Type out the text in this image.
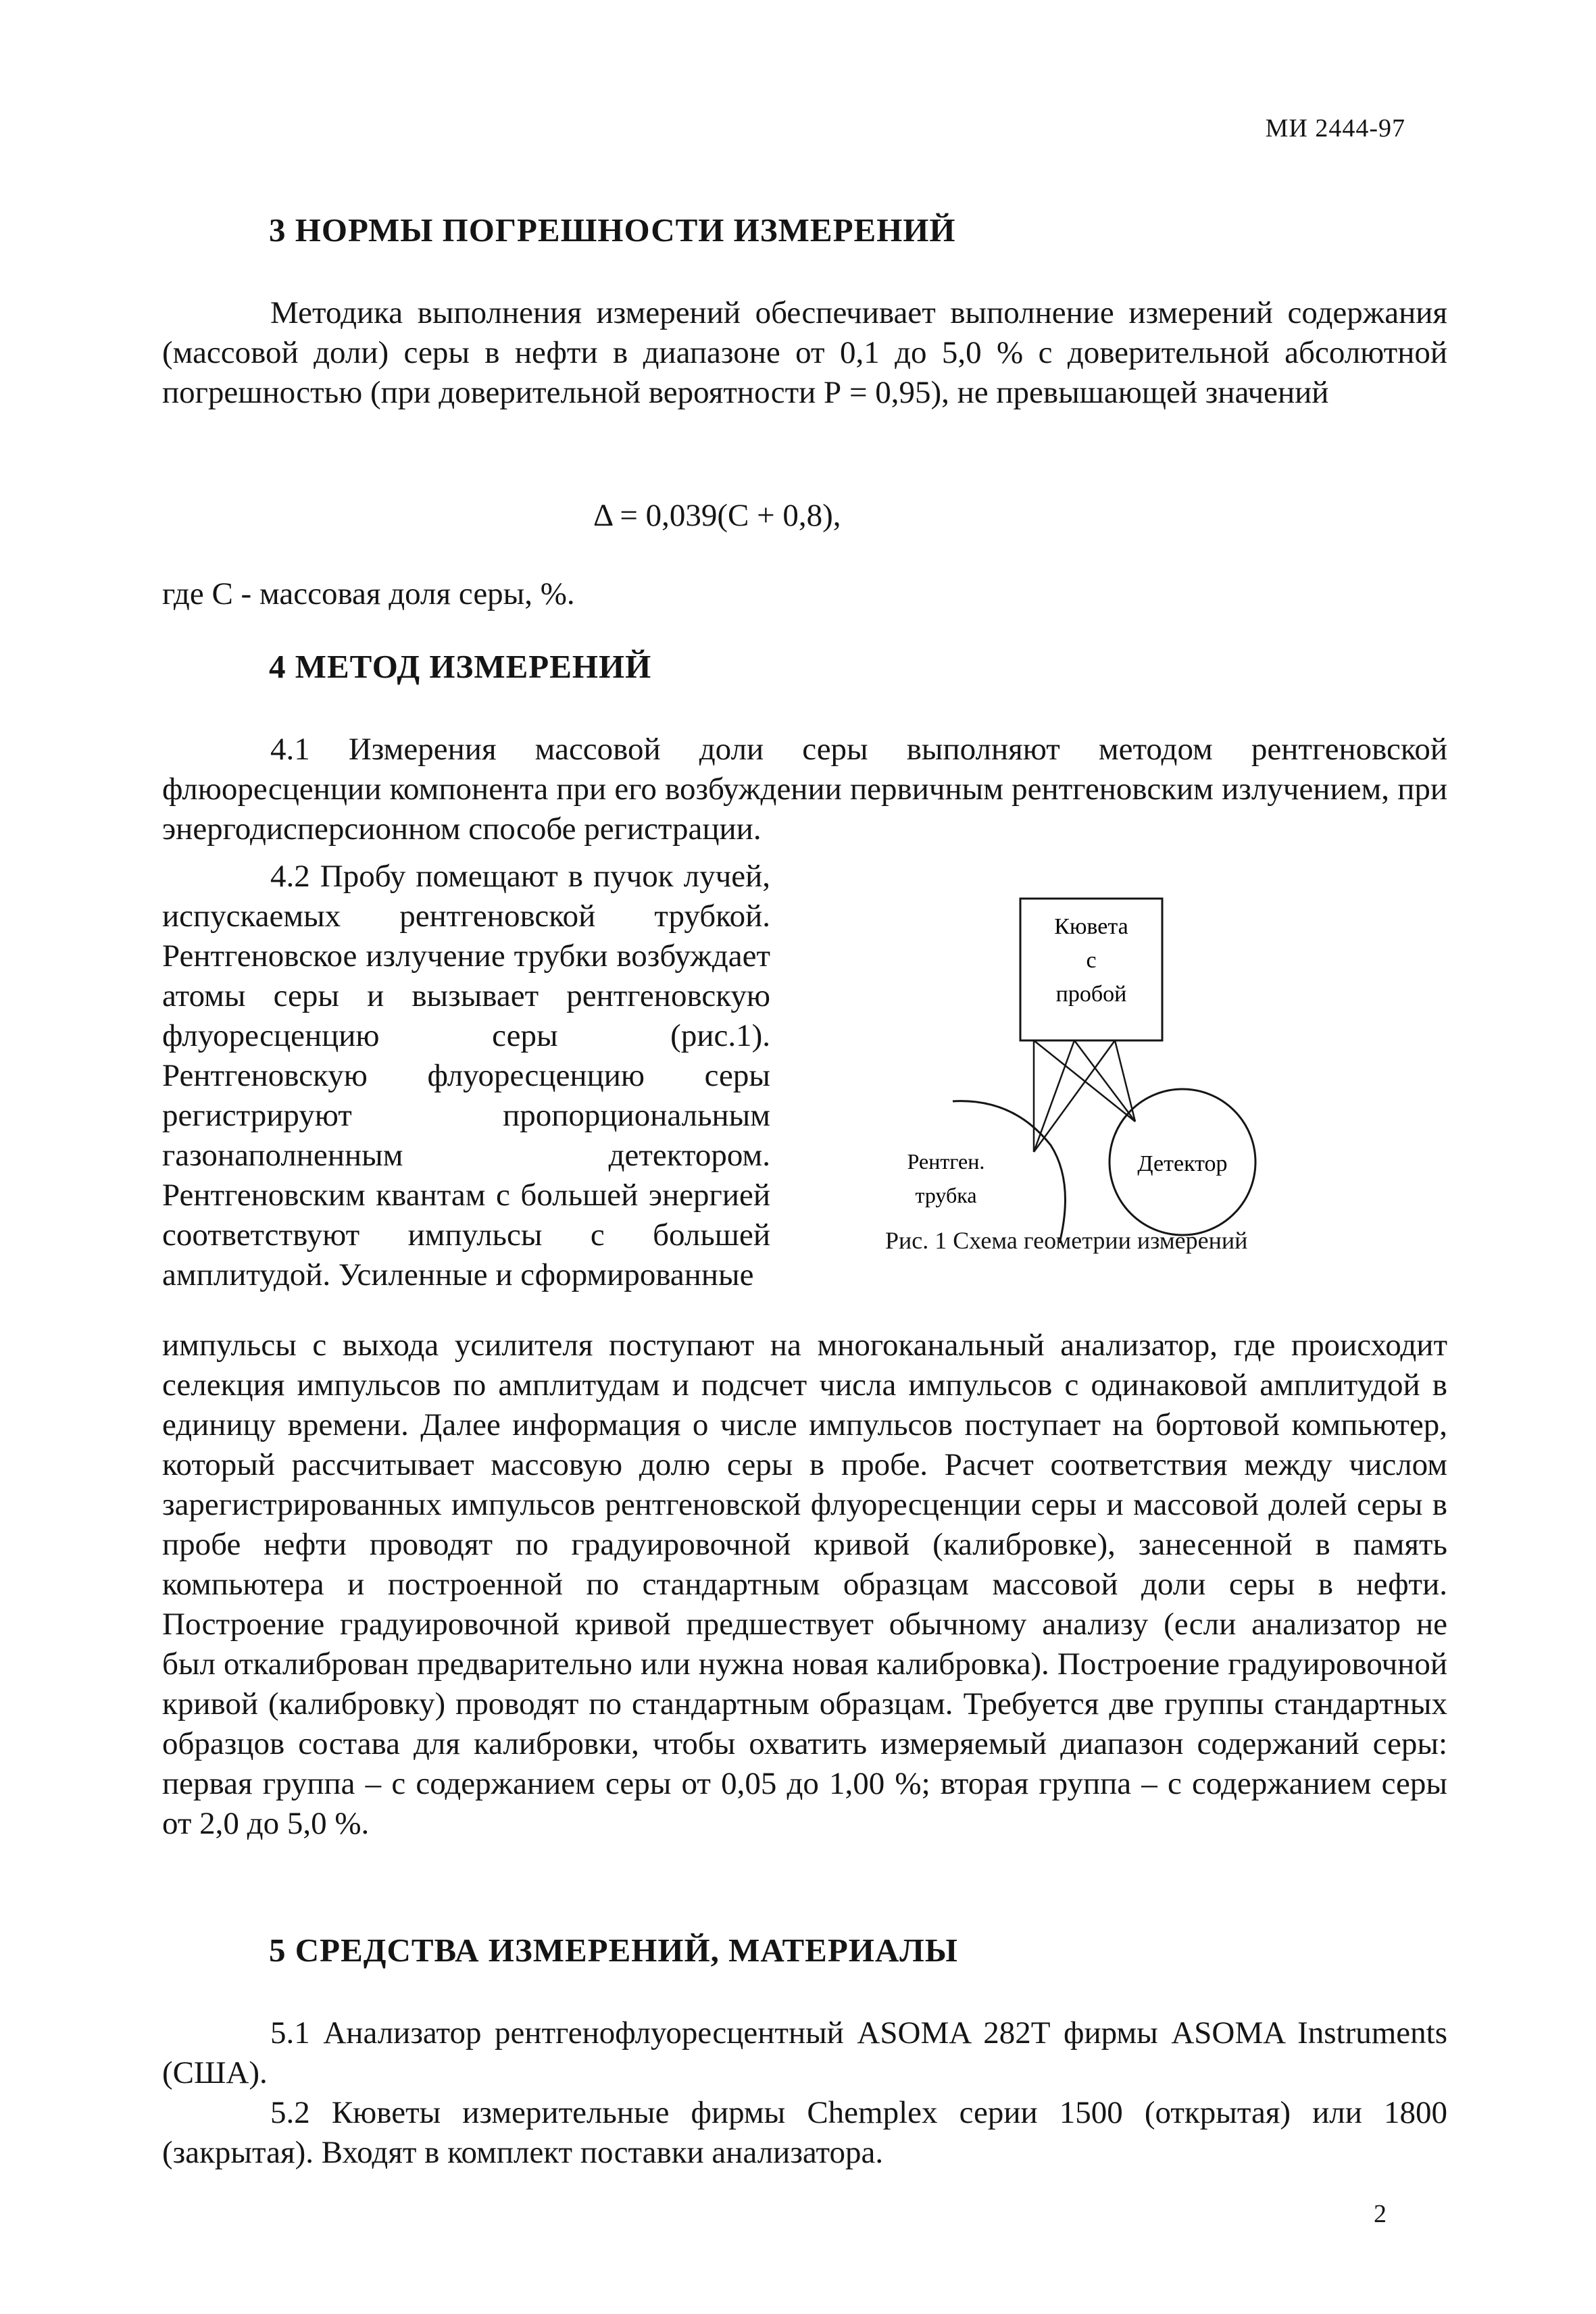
МИ 2444-97
3 НОРМЫ ПОГРЕШНОСТИ ИЗМЕРЕНИЙ

Методика выполнения измерений обеспечивает выполнение измерений содержания (массовой доли) серы в нефти в диапазоне от 0,1 до 5,0 % с доверительной абсолютной погрешностью (при доверительной вероятности Р = 0,95), не превышающей значений

Δ = 0,039(С + 0,8),
где С - массовая доля серы, %.
4 МЕТОД ИЗМЕРЕНИЙ

4.1 Измерения массовой доли серы выполняют методом рентгеновской флюоресценции компонента при его возбуждении первичным рентгеновским излучением, при энергодисперсионном способе регистрации.

4.2 Пробу помещают в пучок лучей, испускаемых рентгеновской трубкой. Рентгеновское излучение трубки возбуждает атомы серы и вызывает рентгеновскую флуоресценцию серы (рис.1). Рентгеновскую флуоресценцию серы регистрируют пропорциональным газонаполненным детектором. Рентгеновским квантам с большей энергией соответствуют импульсы с большей амплитудой. Усиленные и сформированные

Кювета
с
пробой
Детектор
Рентген.
трубка
Рис. 1 Схема геометрии измерений

импульсы с выхода усилителя поступают на многоканальный анализатор, где происходит селекция импульсов по амплитудам и подсчет числа импульсов с одинаковой амплитудой в единицу времени. Далее информация о числе импульсов поступает на бортовой компьютер, который рассчитывает массовую долю серы в пробе. Расчет соответствия между числом зарегистрированных импульсов рентгеновской флуоресценции серы и массовой долей серы в пробе нефти проводят по градуировочной кривой (калибровке), занесенной в память компьютера и построенной по стандартным образцам массовой доли серы в нефти. Построение градуировочной кривой предшествует обычному анализу (если анализатор не был откалиброван предварительно или нужна новая калибровка). Построение градуировочной кривой (калибровку) проводят по стандартным образцам. Требуется две группы стандартных образцов состава для калибровки, чтобы охватить измеряемый диапазон содержаний серы: первая группа – с содержанием серы от 0,05 до 1,00 %; вторая группа – с содержанием серы от 2,0 до 5,0 %.

5 СРЕДСТВА ИЗМЕРЕНИЙ, МАТЕРИАЛЫ

5.1 Анализатор рентгенофлуоресцентный ASOMA 282Т фирмы ASOMA Instruments (США).

5.2 Кюветы измерительные фирмы Chemplex серии 1500 (открытая) или 1800 (закрытая). Входят в комплект поставки анализатора.

2
